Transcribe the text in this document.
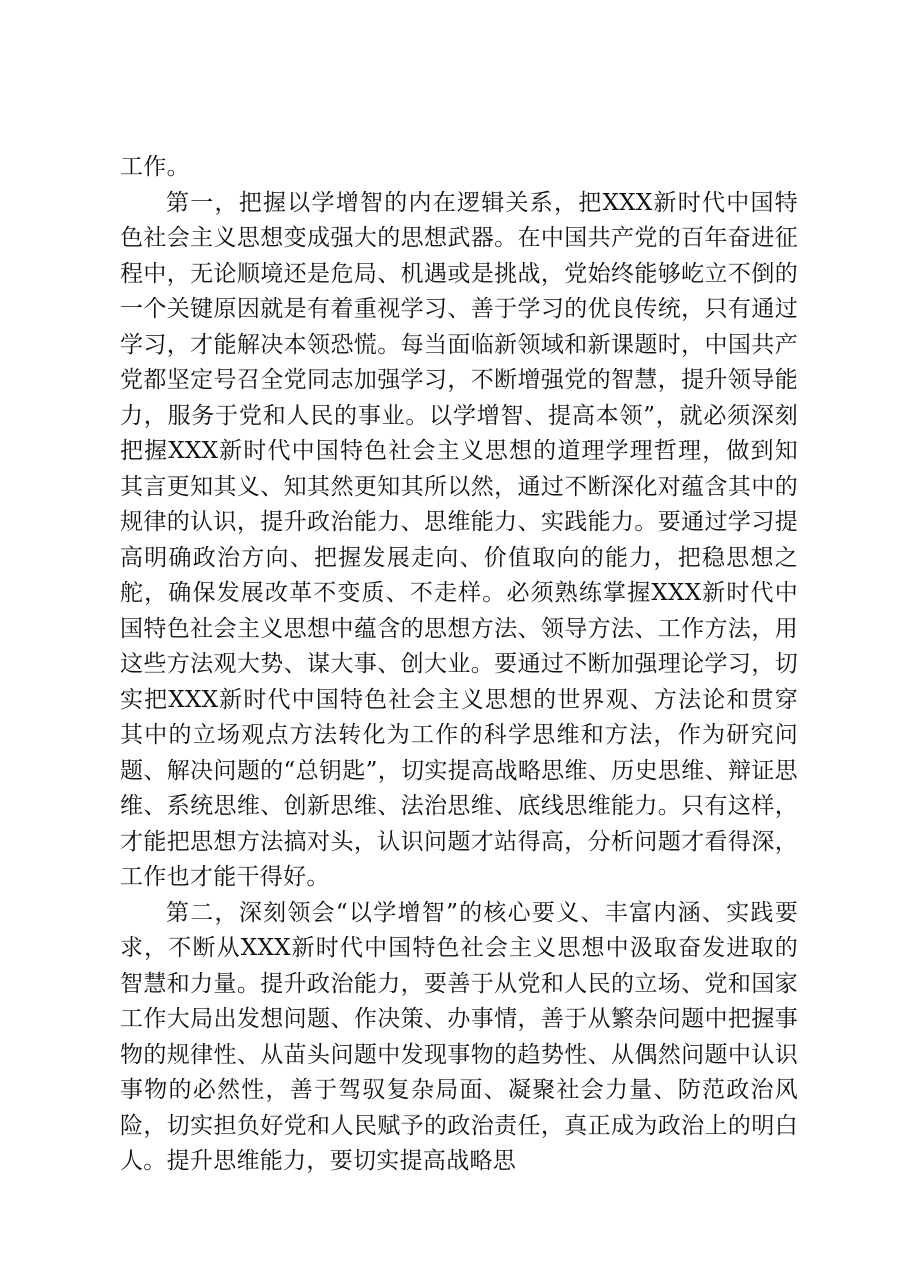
工作。

第一，把握以学增智的内在逻辑关系，把XXX新时代中国特色社会主义思想变成强大的思想武器。在中国共产党的百年奋进征程中，无论顺境还是危局、机遇或是挑战，党始终能够屹立不倒的一个关键原因就是有着重视学习、善于学习的优良传统，只有通过学习，才能解决本领恐慌。每当面临新领域和新课题时，中国共产党都坚定号召全党同志加强学习，不断增强党的智慧，提升领导能力，服务于党和人民的事业。以学增智、提高本领”，就必须深刻把握XXX新时代中国特色社会主义思想的道理学理哲理，做到知其言更知其义、知其然更知其所以然，通过不断深化对蕴含其中的规律的认识，提升政治能力、思维能力、实践能力。要通过学习提高明确政治方向、把握发展走向、价值取向的能力，把稳思想之舵，确保发展改革不变质、不走样。必须熟练掌握XXX新时代中国特色社会主义思想中蕴含的思想方法、领导方法、工作方法，用这些方法观大势、谋大事、创大业。要通过不断加强理论学习，切实把XXX新时代中国特色社会主义思想的世界观、方法论和贯穿其中的立场观点方法转化为工作的科学思维和方法，作为研究问题、解决问题的“总钥匙”，切实提高战略思维、历史思维、辩证思维、系统思维、创新思维、法治思维、底线思维能力。只有这样，才能把思想方法搞对头，认识问题才站得高，分析问题才看得深，工作也才能干得好。

第二，深刻领会“以学增智”的核心要义、丰富内涵、实践要求，不断从XXX新时代中国特色社会主义思想中汲取奋发进取的智慧和力量。提升政治能力，要善于从党和人民的立场、党和国家工作大局出发想问题、作决策、办事情，善于从繁杂问题中把握事物的规律性、从苗头问题中发现事物的趋势性、从偶然问题中认识事物的必然性，善于驾驭复杂局面、凝聚社会力量、防范政治风险，切实担负好党和人民赋予的政治责任，真正成为政治上的明白人。提升思维能力，要切实提高战略思
